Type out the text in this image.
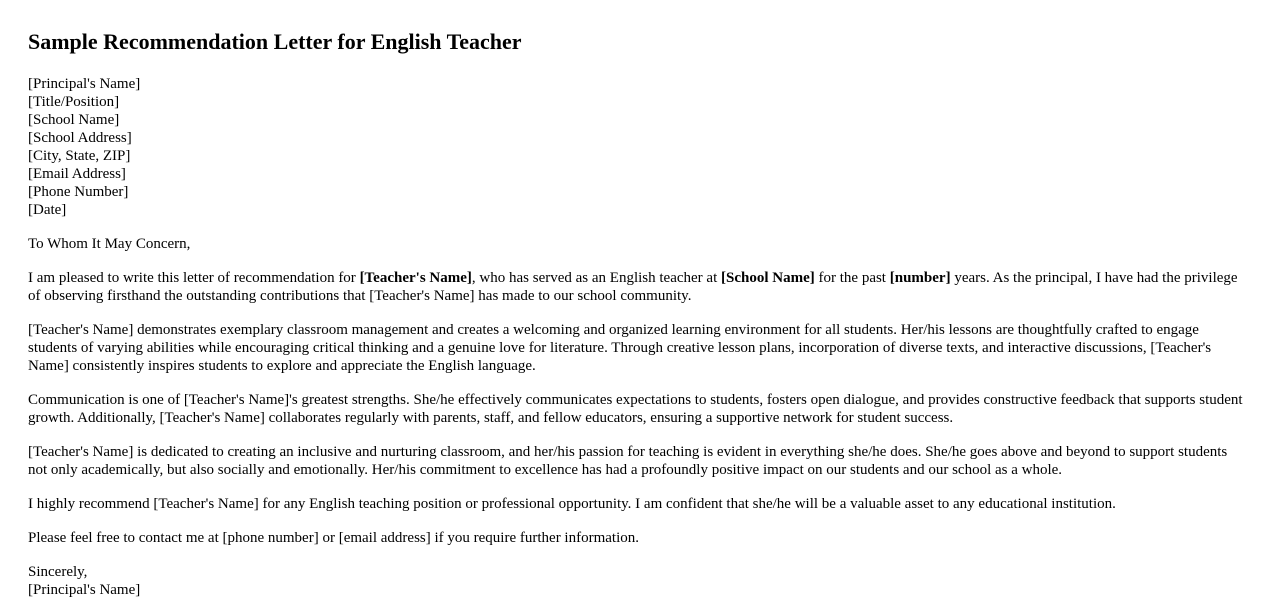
Sample Recommendation Letter for English Teacher
[Principal's Name]
[Title/Position]
[School Name]
[School Address]
[City, State, ZIP]
[Email Address]
[Phone Number]
[Date]

To Whom It May Concern,

I am pleased to write this letter of recommendation for [Teacher's Name], who has served as an English teacher at [School Name] for the past [number] years. As the principal, I have had the privilege of observing firsthand the outstanding contributions that [Teacher's Name] has made to our school community.

[Teacher's Name] demonstrates exemplary classroom management and creates a welcoming and organized learning environment for all students. Her/his lessons are thoughtfully crafted to engage students of varying abilities while encouraging critical thinking and a genuine love for literature. Through creative lesson plans, incorporation of diverse texts, and interactive discussions, [Teacher's Name] consistently inspires students to explore and appreciate the English language.

Communication is one of [Teacher's Name]'s greatest strengths. She/he effectively communicates expectations to students, fosters open dialogue, and provides constructive feedback that supports student growth. Additionally, [Teacher's Name] collaborates regularly with parents, staff, and fellow educators, ensuring a supportive network for student success.

[Teacher's Name] is dedicated to creating an inclusive and nurturing classroom, and her/his passion for teaching is evident in everything she/he does. She/he goes above and beyond to support students not only academically, but also socially and emotionally. Her/his commitment to excellence has had a profoundly positive impact on our students and our school as a whole.

I highly recommend [Teacher's Name] for any English teaching position or professional opportunity. I am confident that she/he will be a valuable asset to any educational institution.

Please feel free to contact me at [phone number] or [email address] if you require further information.

Sincerely,
[Principal's Name]
